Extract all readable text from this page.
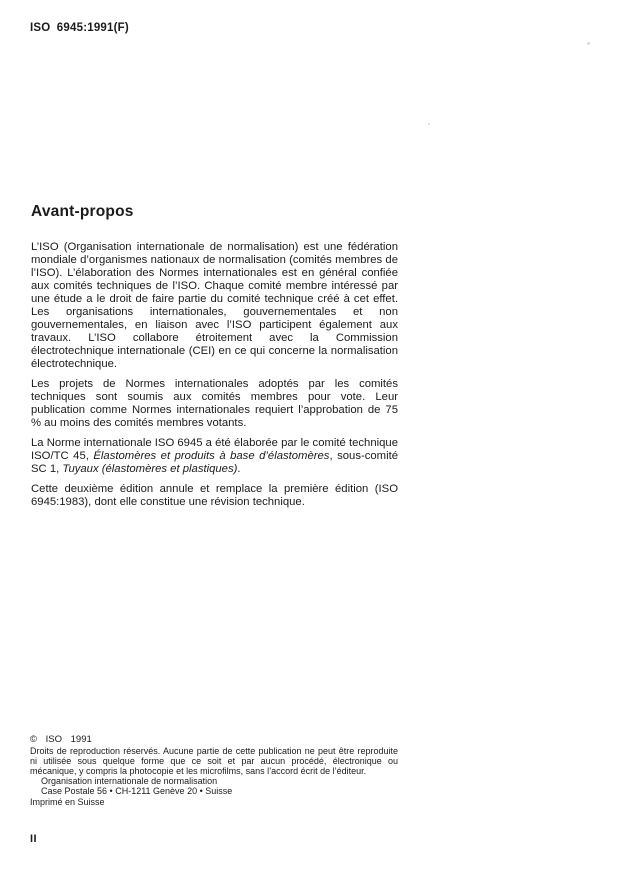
ISO 6945:1991(F)
Avant-propos

L’ISO (Organisation internationale de normalisation) est une fédération mondiale d’organismes nationaux de normalisation (comités membres de l’ISO). L’élaboration des Normes internationales est en général confiée aux comités techniques de l’ISO. Chaque comité membre intéressé par une étude a le droit de faire partie du comité technique créé à cet effet. Les organisations internationales, gouvernementales et non gouvernementales, en liaison avec l’ISO participent également aux travaux. L’ISO collabore étroitement avec la Commission électrotechnique internationale (CEI) en ce qui concerne la normalisation électrotechnique.

Les projets de Normes internationales adoptés par les comités techniques sont soumis aux comités membres pour vote. Leur publication comme Normes internationales requiert l’approbation de 75 % au moins des comités membres votants.

La Norme internationale ISO 6945 a été élaborée par le comité technique ISO/TC 45, Élastomères et produits à base d’élastomères, sous-comité SC 1, Tuyaux (élastomères et plastiques).

Cette deuxième édition annule et remplace la première édition (ISO 6945:1983), dont elle constitue une révision technique.

© ISO 1991

Droits de reproduction réservés. Aucune partie de cette publication ne peut être reproduite ni utilisée sous quelque forme que ce soit et par aucun procédé, électronique ou mécanique, y compris la photocopie et les microfilms, sans l’accord écrit de l’éditeur.

Organisation internationale de normalisation
Case Postale 56 • CH-1211 Genève 20 • Suisse
Imprimé en Suisse
II
